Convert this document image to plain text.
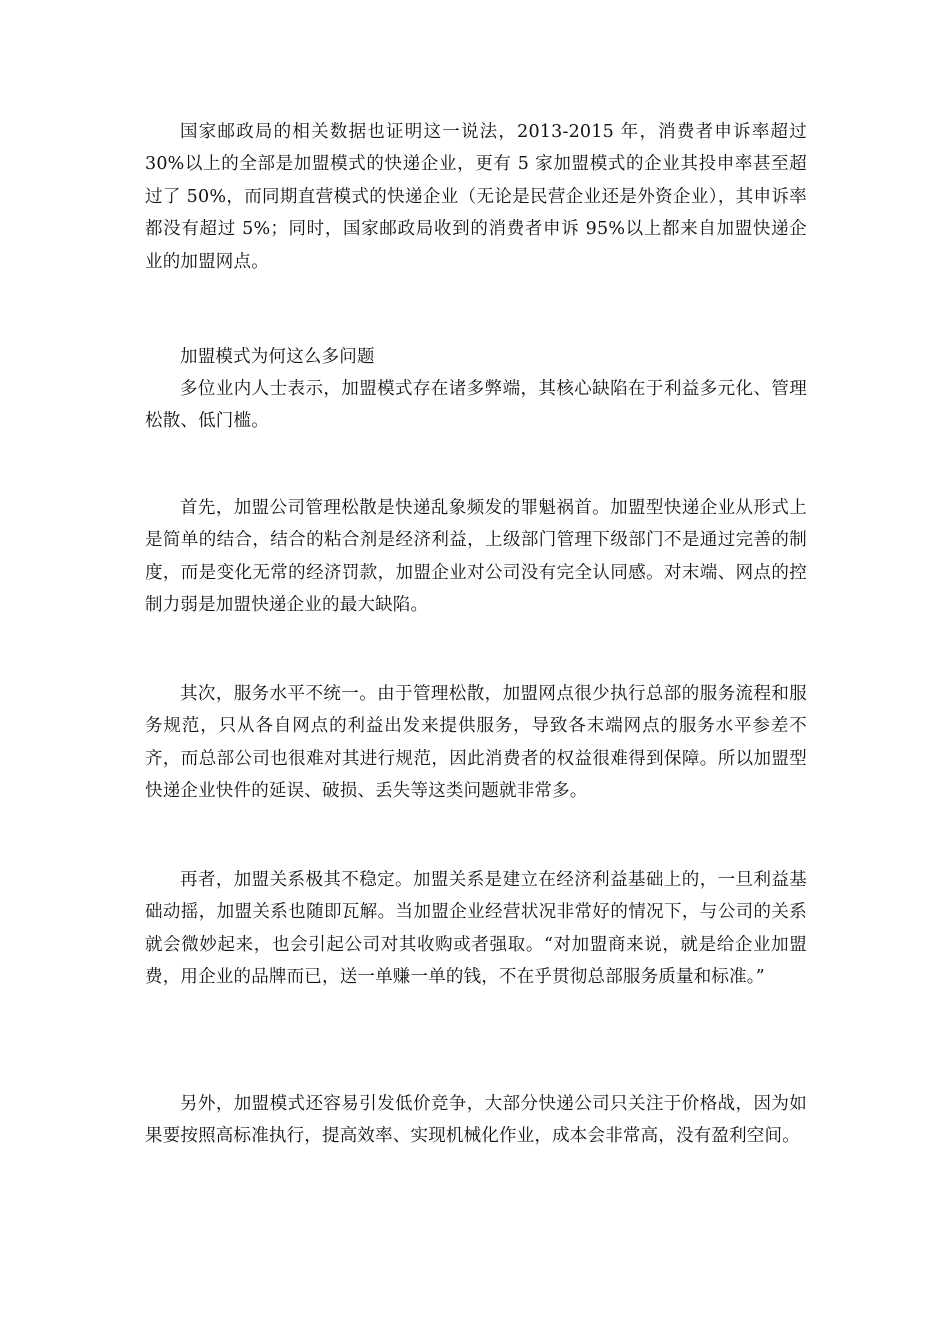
国家邮政局的相关数据也证明这一说法，2013-2015 年，消费者申诉率超过30%以上的全部是加盟模式的快递企业，更有 5 家加盟模式的企业其投申率甚至超过了 50%，而同期直营模式的快递企业（无论是民营企业还是外资企业），其申诉率都没有超过 5%；同时，国家邮政局收到的消费者申诉 95%以上都来自加盟快递企业的加盟网点。

加盟模式为何这么多问题

多位业内人士表示，加盟模式存在诸多弊端，其核心缺陷在于利益多元化、管理松散、低门槛。

首先，加盟公司管理松散是快递乱象频发的罪魁祸首。加盟型快递企业从形式上是简单的结合，结合的粘合剂是经济利益，上级部门管理下级部门不是通过完善的制度，而是变化无常的经济罚款，加盟企业对公司没有完全认同感。对末端、网点的控制力弱是加盟快递企业的最大缺陷。

其次，服务水平不统一。由于管理松散，加盟网点很少执行总部的服务流程和服务规范，只从各自网点的利益出发来提供服务，导致各末端网点的服务水平参差不齐，而总部公司也很难对其进行规范，因此消费者的权益很难得到保障。所以加盟型快递企业快件的延误、破损、丢失等这类问题就非常多。

再者，加盟关系极其不稳定。加盟关系是建立在经济利益基础上的，一旦利益基础动摇，加盟关系也随即瓦解。当加盟企业经营状况非常好的情况下，与公司的关系就会微妙起来，也会引起公司对其收购或者强取。“对加盟商来说，就是给企业加盟费，用企业的品牌而已，送一单赚一单的钱，不在乎贯彻总部服务质量和标准。”

另外，加盟模式还容易引发低价竞争，大部分快递公司只关注于价格战，因为如果要按照高标准执行，提高效率、实现机械化作业，成本会非常高，没有盈利空间。
